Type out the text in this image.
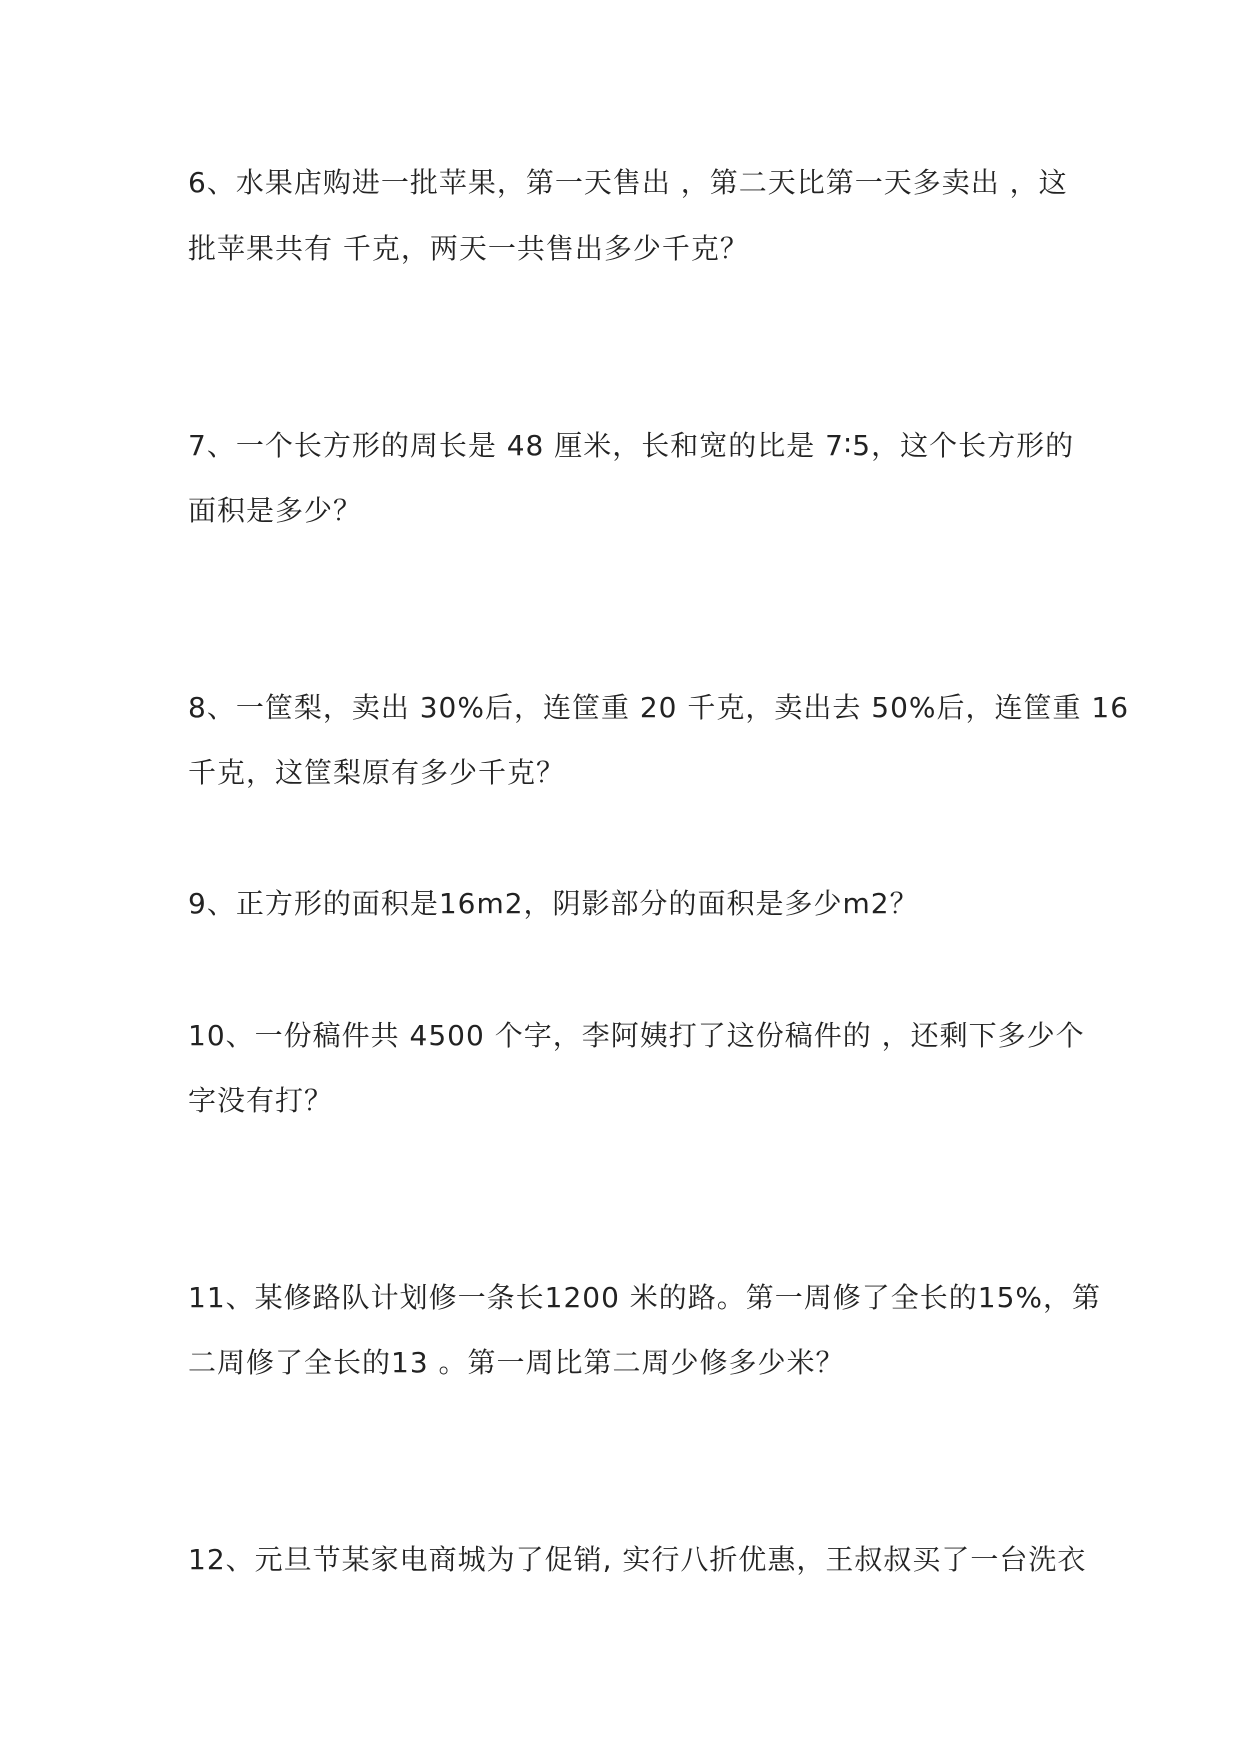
6、水果店购进一批苹果，第一天售出 ，第二天比第一天多卖出 ，这
批苹果共有 千克，两天一共售出多少千克？
7、一个长方形的周长是 48 厘米，长和宽的比是 7∶5，这个长方形的
面积是多少？
8、一筐梨，卖出 30%后，连筐重 20 千克，卖出去 50%后，连筐重 16
千克，这筐梨原有多少千克？
9、正方形的面积是16m2，阴影部分的面积是多少m2？
10、一份稿件共 4500 个字，李阿姨打了这份稿件的 ，还剩下多少个
字没有打？
11、某修路队计划修一条长1200 米的路。第一周修了全长的15%，第
二周修了全长的13 。第一周比第二周少修多少米？
12、元旦节某家电商城为了促销, 实行八折优惠，王叔叔买了一台洗衣
